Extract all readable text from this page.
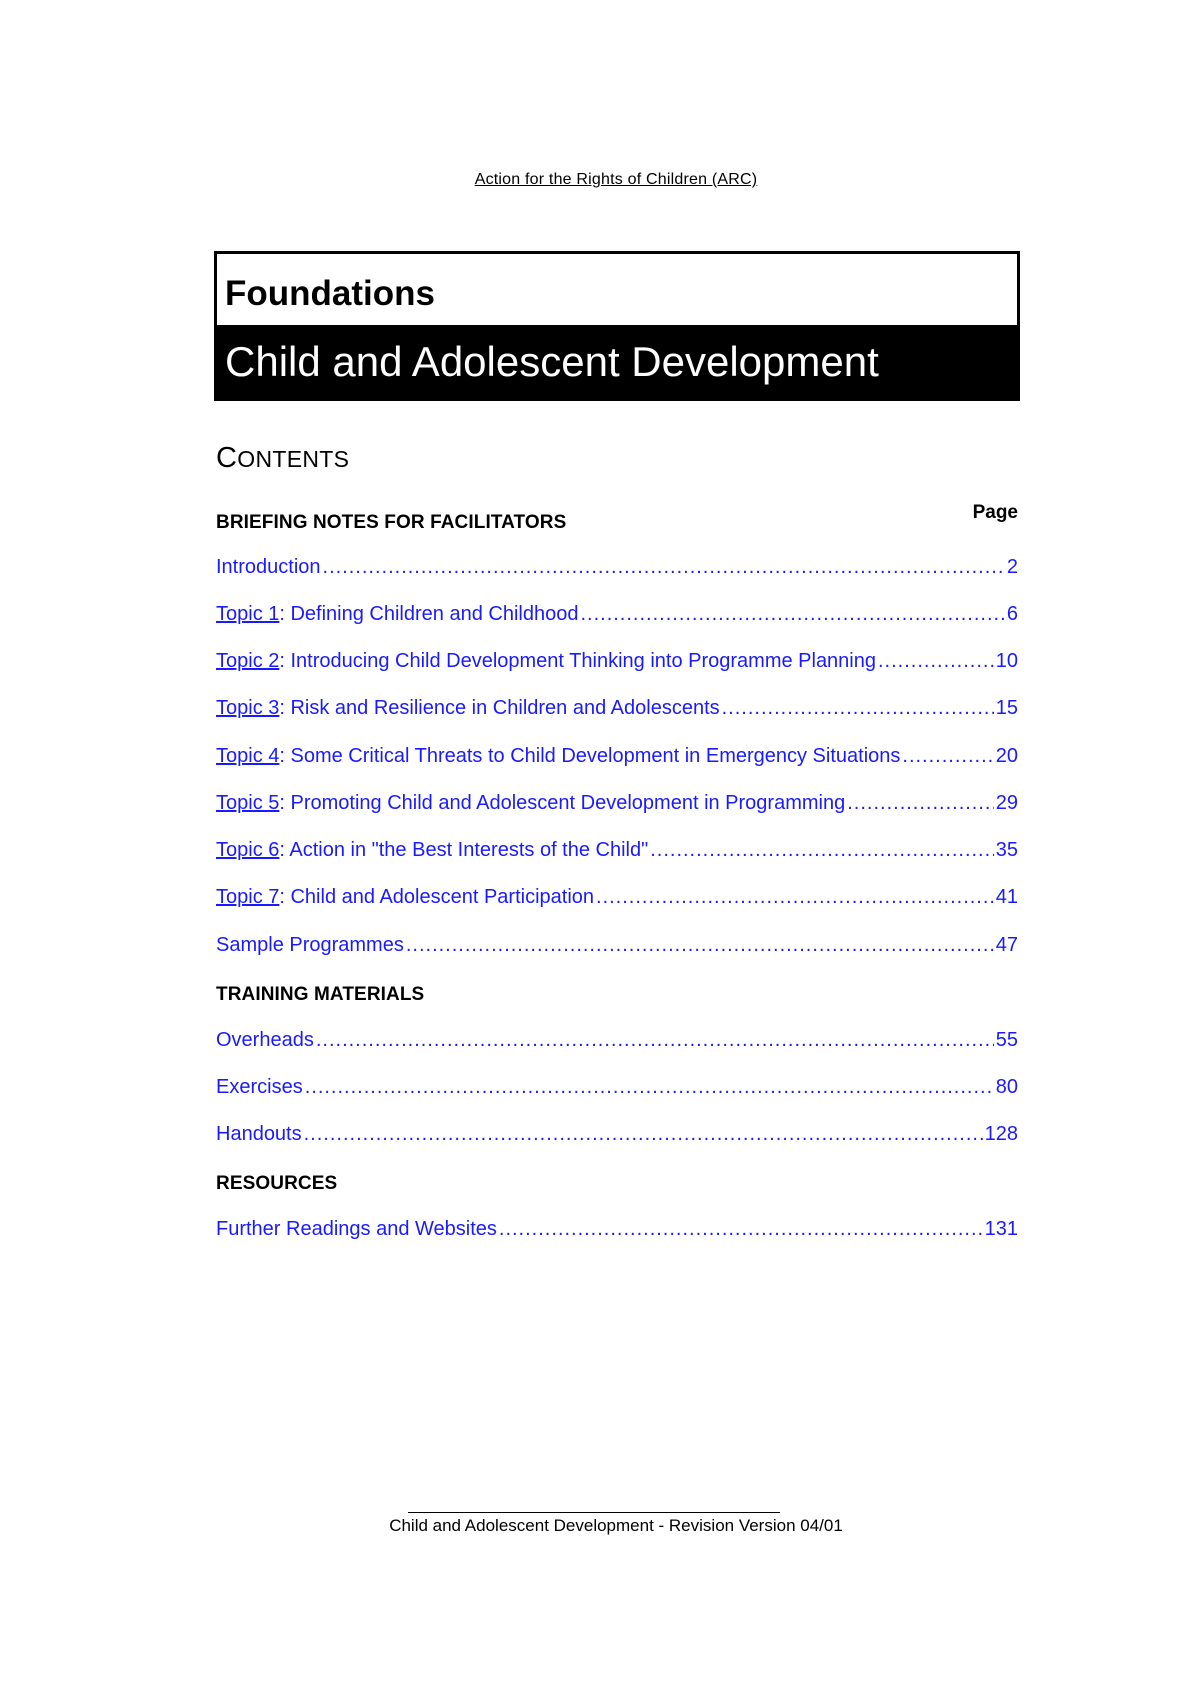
Action for the Rights of Children (ARC)
Foundations
Child and Adolescent Development
CONTENTS
Page
BRIEFING NOTES FOR FACILITATORS
Introduction .....	2
Topic 1 : Defining Children and Childhood .....	6
Topic 2 : Introducing Child Development Thinking into Programme Planning .....	10
Topic 3 : Risk and Resilience in Children and Adolescents .....	15
Topic 4 : Some Critical Threats to Child Development in Emergency Situations .....	20
Topic 5 : Promoting Child and Adolescent Development in Programming .....	29
Topic 6 : Action in "the Best Interests of the Child" .....	35
Topic 7 : Child and Adolescent Participation .....	41
Sample Programmes .....	47
TRAINING MATERIALS
Overheads .....	55
Exercises .....	80
Handouts .....	128
RESOURCES
Further Readings and Websites .....	131
Child and Adolescent Development - Revision Version 04/01
